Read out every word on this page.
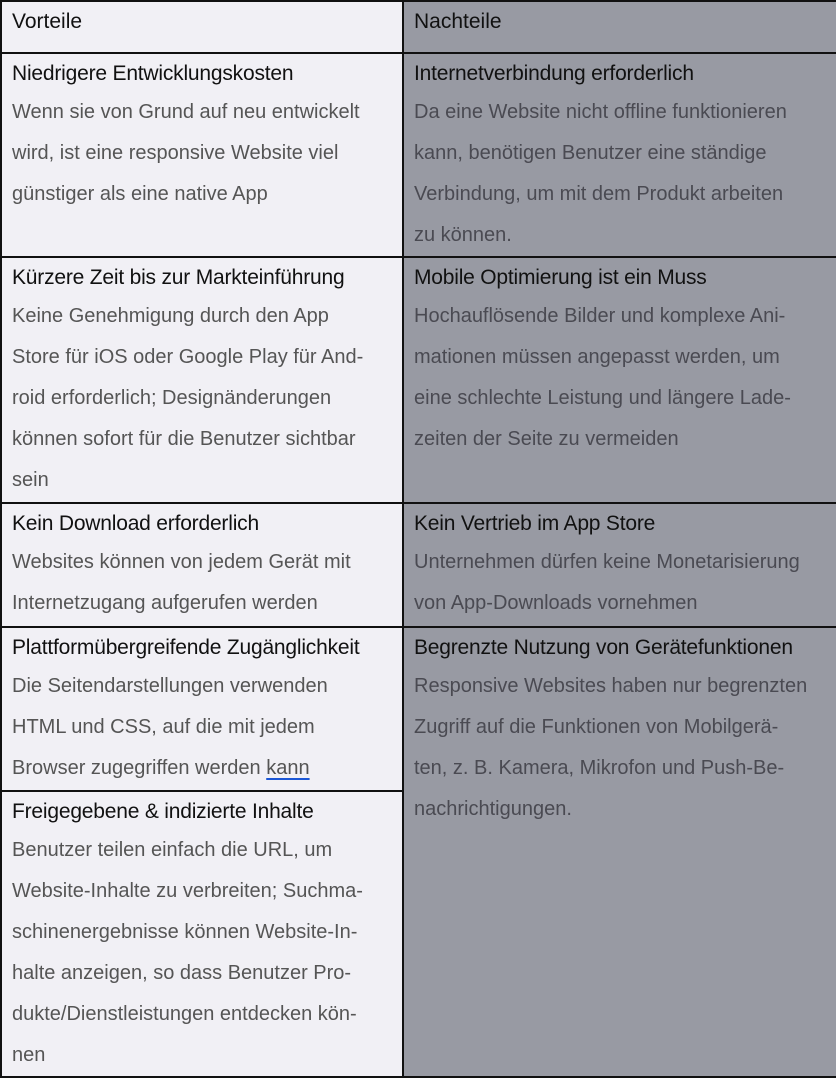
Vorteile
Niedrigere Entwicklungskosten
Wenn sie von Grund auf neu entwickelt
wird, ist eine responsive Website viel
günstiger als eine native App
Kürzere Zeit bis zur Markteinführung
Keine Genehmigung durch den App
Store für iOS oder Google Play für And-
roid erforderlich; Designänderungen
können sofort für die Benutzer sichtbar
sein
Kein Download erforderlich
Websites können von jedem Gerät mit
Internetzugang aufgerufen werden
Plattformübergreifende Zugänglichkeit
Die Seitendarstellungen verwenden
HTML und CSS, auf die mit jedem
Browser zugegriffen werden kann
Freigegebene & indizierte Inhalte
Benutzer teilen einfach die URL, um
Website-Inhalte zu verbreiten; Suchma-
schinenergebnisse können Website-In-
halte anzeigen, so dass Benutzer Pro-
dukte/Dienstleistungen entdecken kön-
nen
Nachteile
Internetverbindung erforderlich
Da eine Website nicht offline funktionieren
kann, benötigen Benutzer eine ständige
Verbindung, um mit dem Produkt arbeiten
zu können.
Mobile Optimierung ist ein Muss
Hochauflösende Bilder und komplexe Ani-
mationen müssen angepasst werden, um
eine schlechte Leistung und längere Lade-
zeiten der Seite zu vermeiden
Kein Vertrieb im App Store
Unternehmen dürfen keine Monetarisierung
von App-Downloads vornehmen
Begrenzte Nutzung von Gerätefunktionen
Responsive Websites haben nur begrenzten
Zugriff auf die Funktionen von Mobilgerä-
ten, z. B. Kamera, Mikrofon und Push-Be-
nachrichtigungen.
